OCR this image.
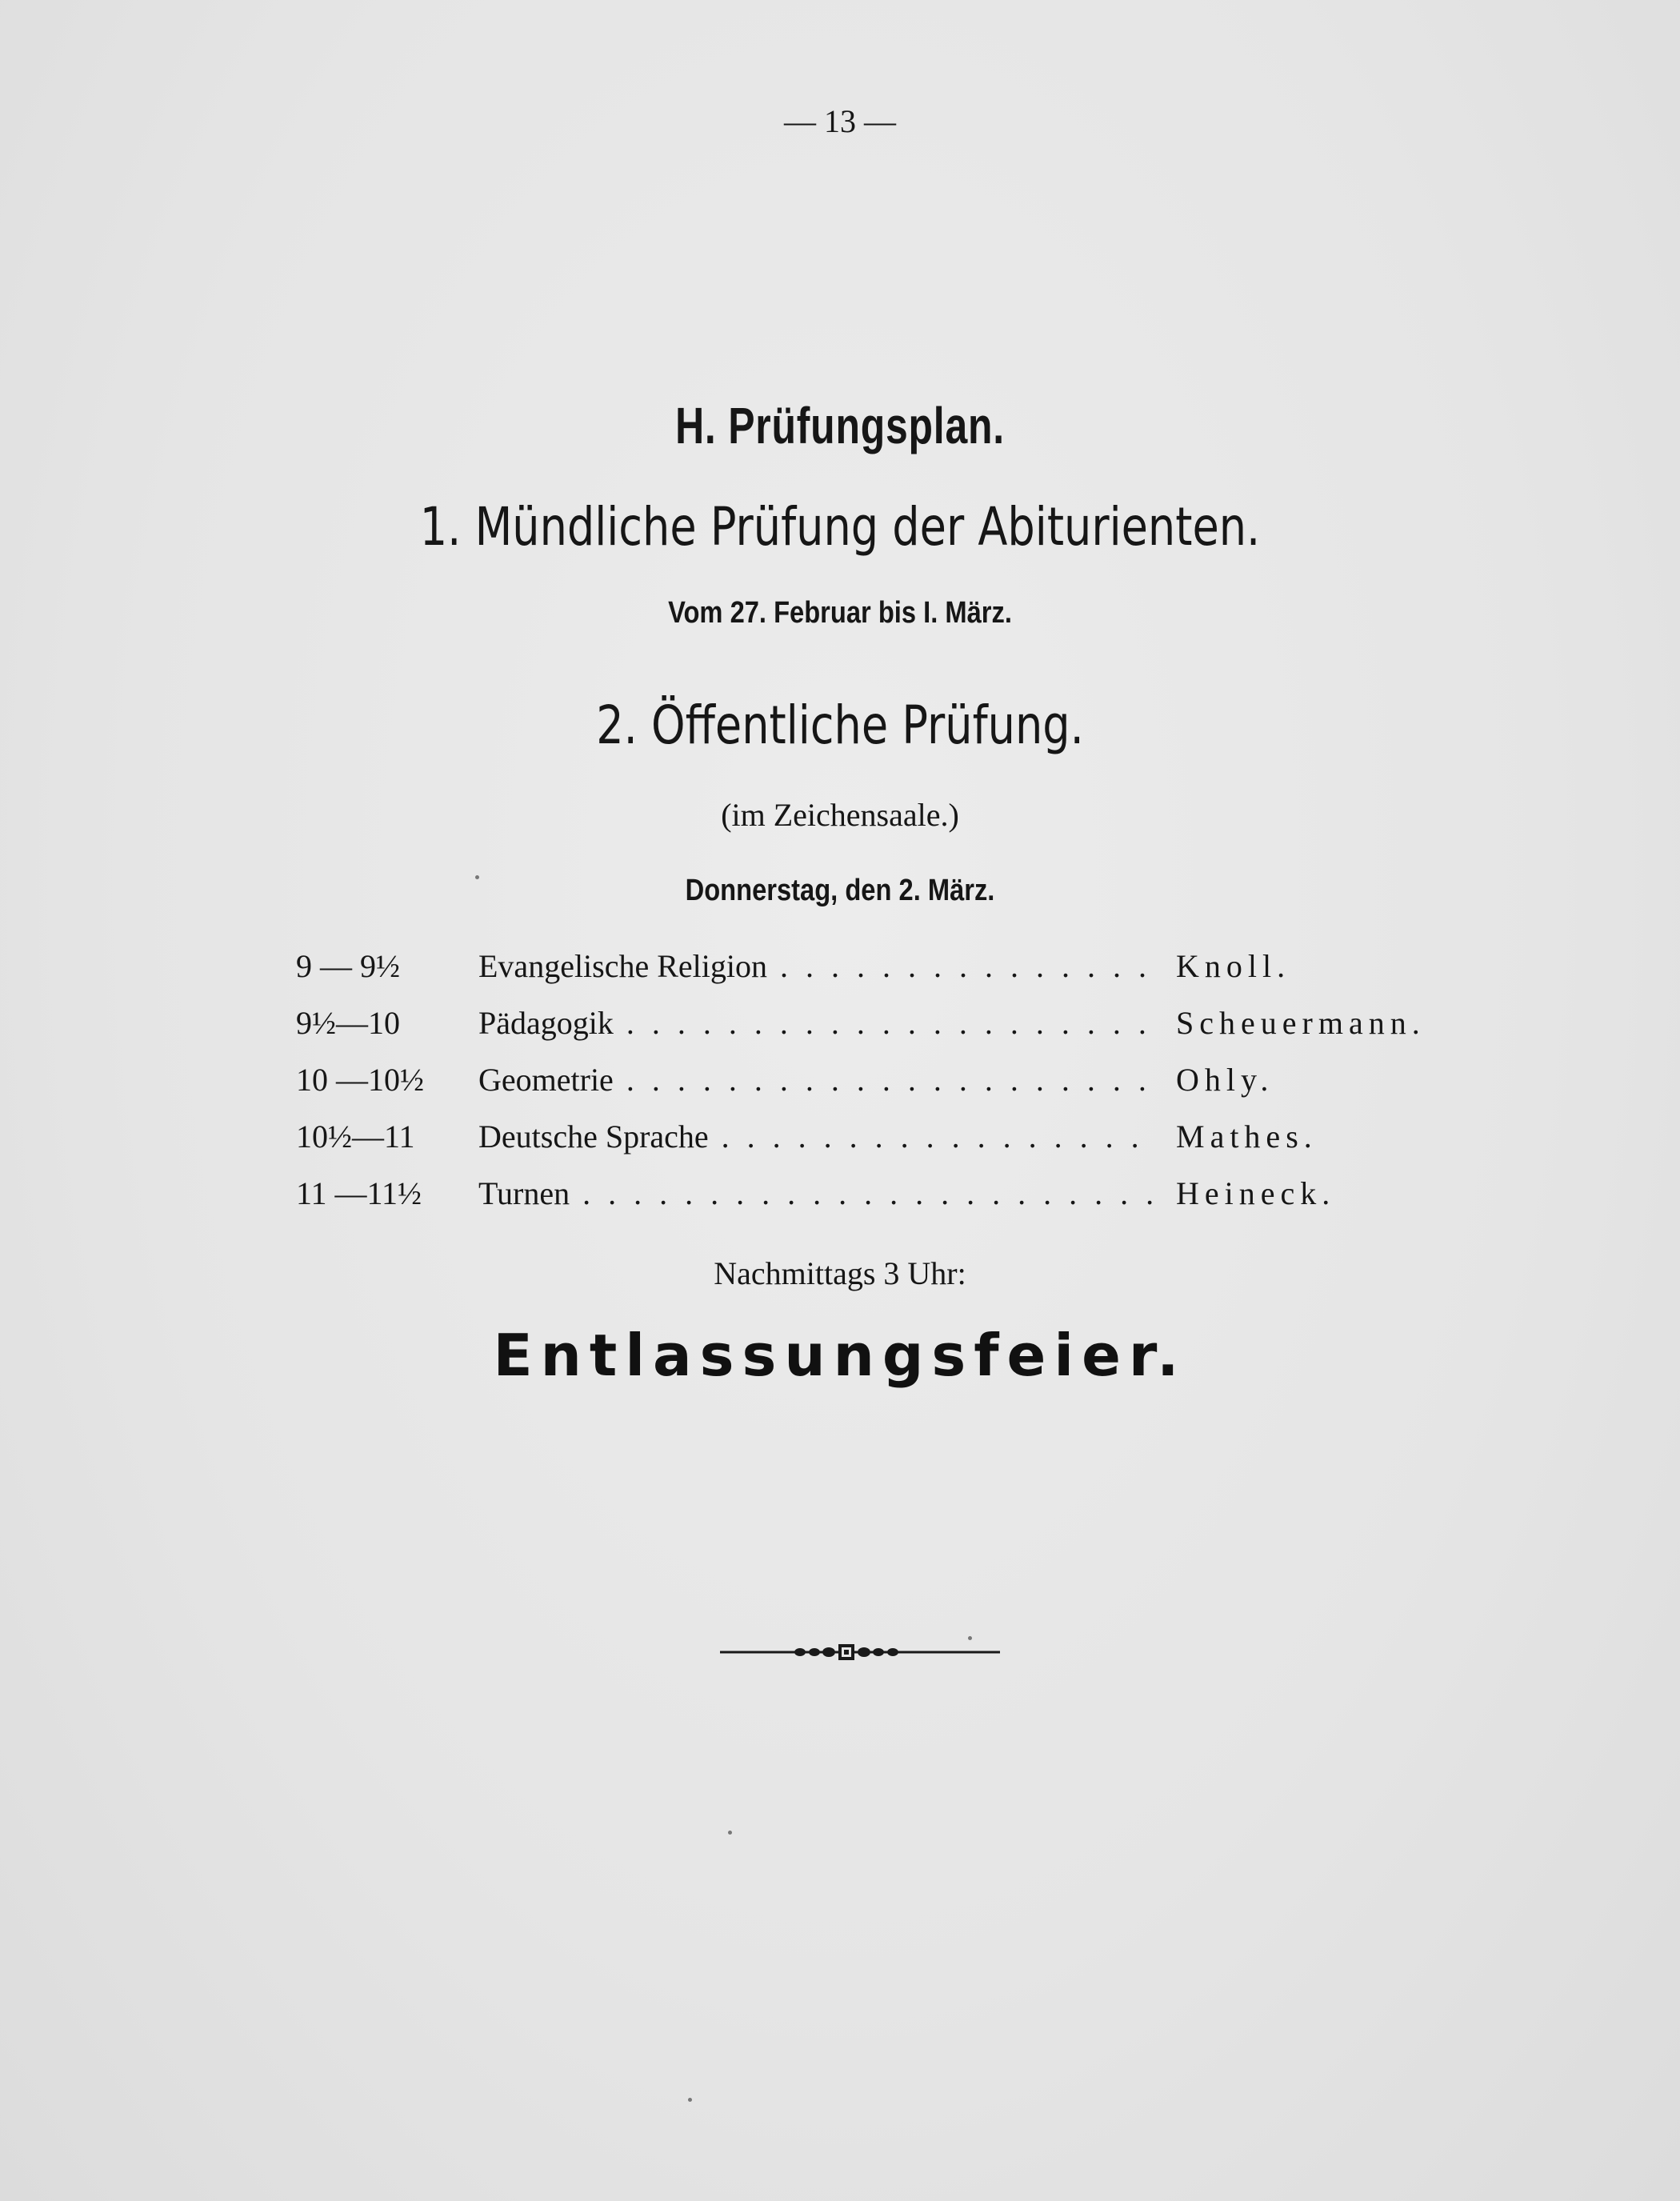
— 13 —
H. Prüfungsplan.
1. Mündliche Prüfung der Abiturienten.
Vom 27. Februar bis I. März.
2. Öffentliche Prüfung.
(im Zeichensaale.)
Donnerstag, den 2. März.
9 — 9½	Evangelische Religion . . .	Knoll.
9½—10	Pädagogik . . .	Scheuermann.
10 —10½	Geometrie . . .	Ohly.
10½—11	Deutsche Sprache . . .	Mathes.
11 —11½	Turnen . . .	Heineck.
Nachmittags 3 Uhr:
Entlassungsfeier.
